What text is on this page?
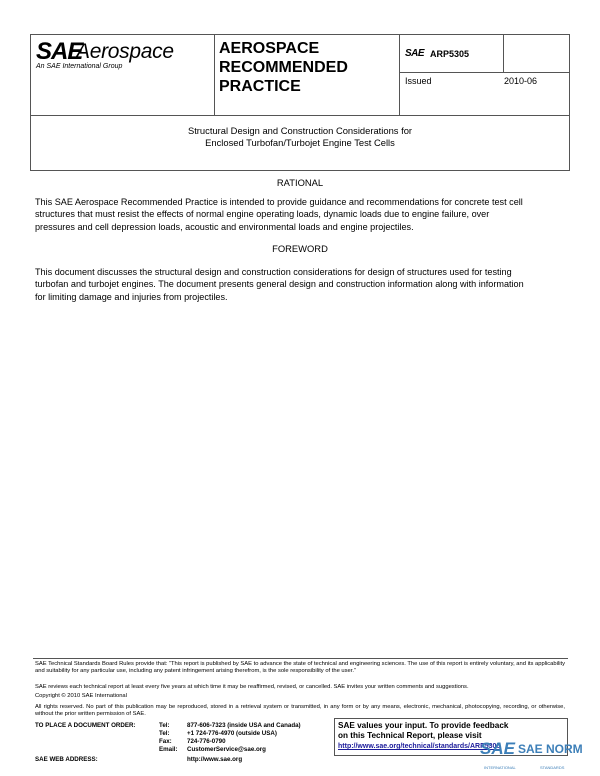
SAE
Aerospace
An SAE International Group
AEROSPACE
RECOMMENDED
PRACTICE
SAE ARP5305
Issued	2010-06
Structural Design and Construction Considerations for
Enclosed Turbofan/Turbojet Engine Test Cells
RATIONAL
This SAE Aerospace Recommended Practice is intended to provide guidance and recommendations for concrete test cell
structures that must resist the effects of normal engine operating loads, dynamic loads due to engine failure, over
pressures and cell depression loads, acoustic and environmental loads and engine projectiles.
FOREWORD
This document discusses the structural design and construction considerations for design of structures used for testing
turbofan and turbojet engines. The document presents general design and construction information along with information
for limiting damage and injuries from projectiles.
SAE Technical Standards Board Rules provide that: “This report is published by SAE to advance the state of technical and engineering sciences. The use of this report is entirely voluntary, and its applicability and suitability for any particular use, including any patent infringement arising therefrom, is the sole responsibility of the user.”
SAE reviews each technical report at least every five years at which time it may be reaffirmed, revised, or cancelled. SAE invites your written comments and suggestions.
Copyright © 2010 SAE International
All rights reserved. No part of this publication may be reproduced, stored in a retrieval system or transmitted, in any form or by any means, electronic, mechanical, photocopying, recording, or otherwise, without the prior written permission of SAE.
TO PLACE A DOCUMENT ORDER:	Tel:	877-606-7323 (inside USA and Canada)
Tel:	+1 724-776-4970 (outside USA)
Fax: 724-776-0790
Email: CustomerService@sae.org
SAE WEB ADDRESS:	http://www.sae.org
SAE values your input. To provide feedback
on this Technical Report, please visit
http://www.sae.org/technical/standards/ARP5305
SAE SAE NORM
INTERNATIONAL	STANDARDS
